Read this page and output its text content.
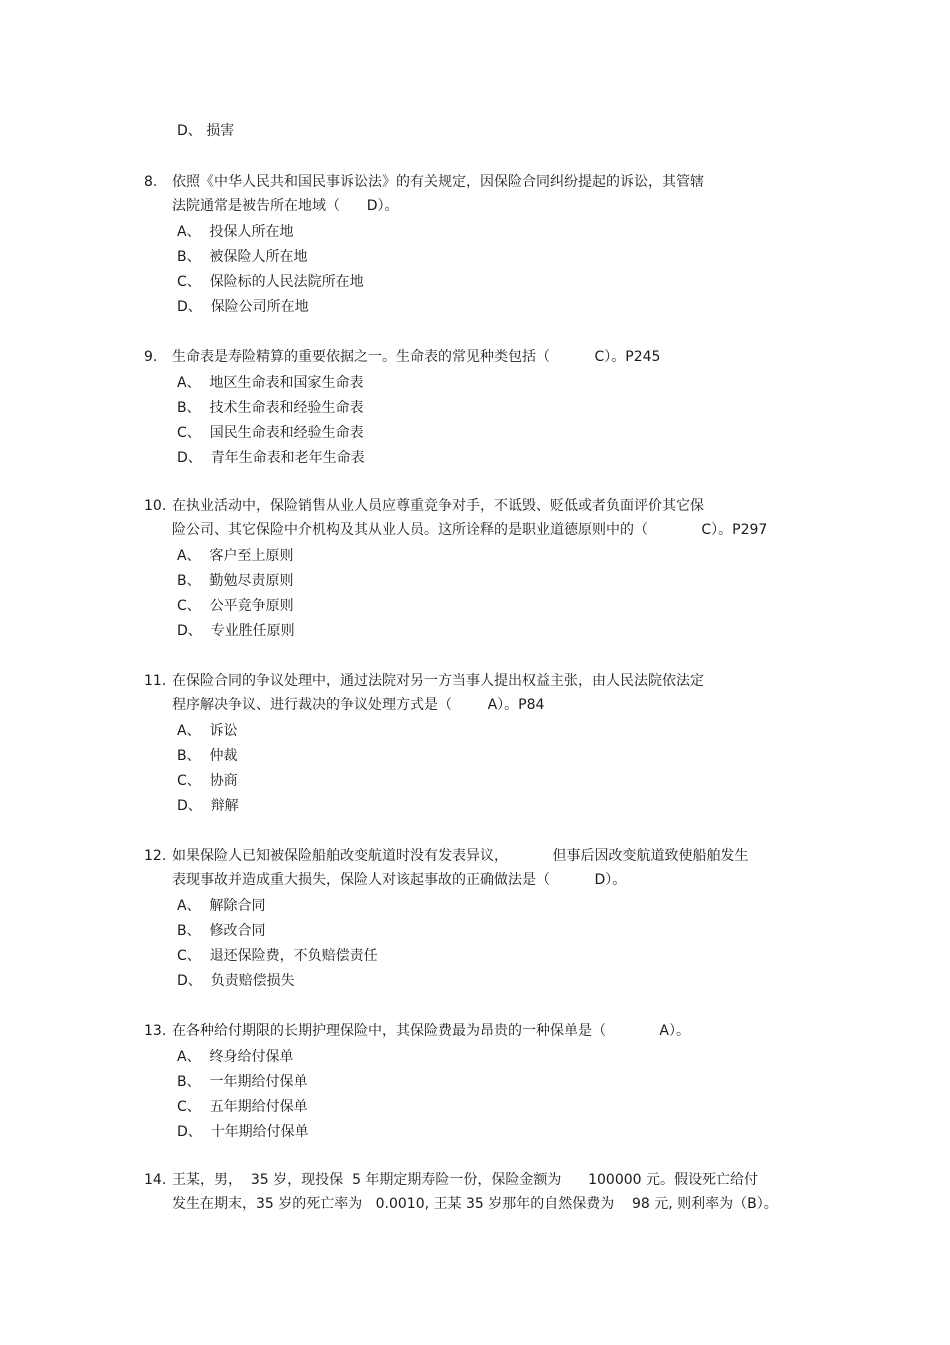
D、 损害
8. 依照《中华人民共和国民事诉讼法》的有关规定，因保险合同纠纷提起的诉讼，其管辖
法院通常是被告所在地域（      D）。
A、 投保人所在地
B、 被保险人所在地
C、 保险标的人民法院所在地
D、 保险公司所在地
9. 生命表是寿险精算的重要依据之一。生命表的常见种类包括（          C）。P245
A、 地区生命表和国家生命表
B、 技术生命表和经验生命表
C、 国民生命表和经验生命表
D、 青年生命表和老年生命表
10. 在执业活动中，保险销售从业人员应尊重竞争对手，不诋毁、贬低或者负面评价其它保
险公司、其它保险中介机构及其从业人员。这所诠释的是职业道德原则中的（            C）。P297
A、 客户至上原则
B、 勤勉尽责原则
C、 公平竞争原则
D、 专业胜任原则
11. 在保险合同的争议处理中，通过法院对另一方当事人提出权益主张，由人民法院依法定
程序解决争议、进行裁决的争议处理方式是（        A）。P84
A、 诉讼
B、 仲裁
C、 协商
D、 辩解
12. 如果保险人已知被保险船舶改变航道时没有发表异议，          但事后因改变航道致使船舶发生
表现事故并造成重大损失，保险人对该起事故的正确做法是（          D）。
A、 解除合同
B、 修改合同
C、 退还保险费，不负赔偿责任
D、 负责赔偿损失
13. 在各种给付期限的长期护理保险中，其保险费最为昂贵的一种保单是（            A）。
A、 终身给付保单
B、 一年期给付保单
C、 五年期给付保单
D、 十年期给付保单
14. 王某，男，  35 岁，现投保  5 年期定期寿险一份，保险金额为      100000 元。假设死亡给付
发生在期末，35 岁的死亡率为   0.0010, 王某 35 岁那年的自然保费为    98 元, 则利率为（B）。
